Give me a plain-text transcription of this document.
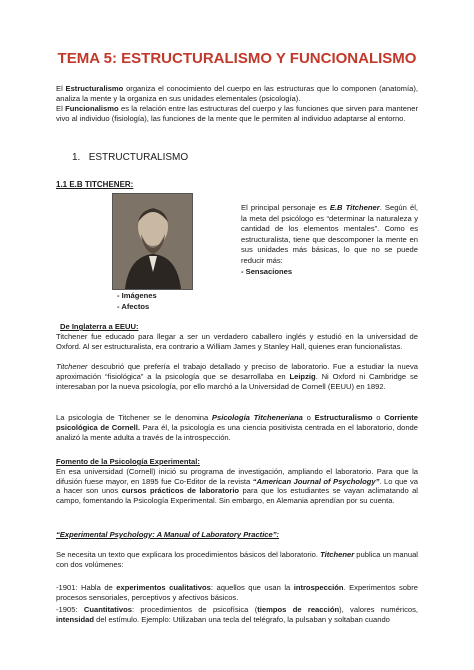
TEMA 5: ESTRUCTURALISMO Y FUNCIONALISMO

El Estructuralismo organiza el conocimiento del cuerpo en las estructuras que lo componen (anatomía), analiza la mente y la organiza en sus unidades elementales (psicología).

El Funcionalismo es la relación entre las estructuras del cuerpo y las funciones que sirven para mantener vivo al individuo (fisiología), las funciones de la mente que le permiten al individuo adaptarse al entorno.

1. ESTRUCTURALISMO
1.1 E.B TITCHENER:
El principal personaje es E.B Titchener. Según él, la meta del psicólogo es “determinar la naturaleza y cantidad de los elementos mentales”. Como es estructuralista, tiene que descomponer la mente en sus unidades más básicas, lo que no se puede reducir más:
- Sensaciones
- Imágenes
- Afectos
De Inglaterra a EEUU:
Titchener fue educado para llegar a ser un verdadero caballero inglés y estudió en la universidad de Oxford. Al ser estructuralista, era contrario a William James y Stanley Hall, quienes eran funcionalistas.

Titchener descubrió que prefería el trabajo detallado y preciso de laboratorio. Fue a estudiar la nueva aproximación “fisiológica” a la psicología que se desarrollaba en Leipzig. Ni Oxford ni Cambridge se interesaban por la nueva psicología, por ello marchó a la Universidad de Cornell (EEUU) en 1892.

La psicología de Titchener se le denomina Psicología Titcheneriana o Estructuralismo o Corriente psicológica de Cornell. Para él, la psicología es una ciencia positivista centrada en el laboratorio, donde analizó la mente adulta a través de la introspección.

Fomento de la Psicología Experimental:
En esa universidad (Cornell) inició su programa de investigación, ampliando el laboratorio. Para que la difusión fuese mayor, en 1895 fue Co-Editor de la revista “American Journal of Psychology”. Lo que va a hacer son unos cursos prácticos de laboratorio para que los estudiantes se vayan aclimatando al campo, fomentando la Psicología Experimental. Sin embargo, en Alemania aprendían por su cuenta.
“Experimental Psychology: A Manual of Laboratory Practice”:

Se necesita un texto que explicara los procedimientos básicos del laboratorio. Titchener publica un manual con dos volúmenes:

-1901: Habla de experimentos cualitativos: aquellos que usan la introspección. Experimentos sobre procesos sensoriales, perceptivos y afectivos básicos.

-1905: Cuantitativos: procedimientos de psicofísica (tiempos de reacción), valores numéricos, intensidad del estímulo. Ejemplo: Utilizaban una tecla del telégrafo, la pulsaban y soltaban cuando
